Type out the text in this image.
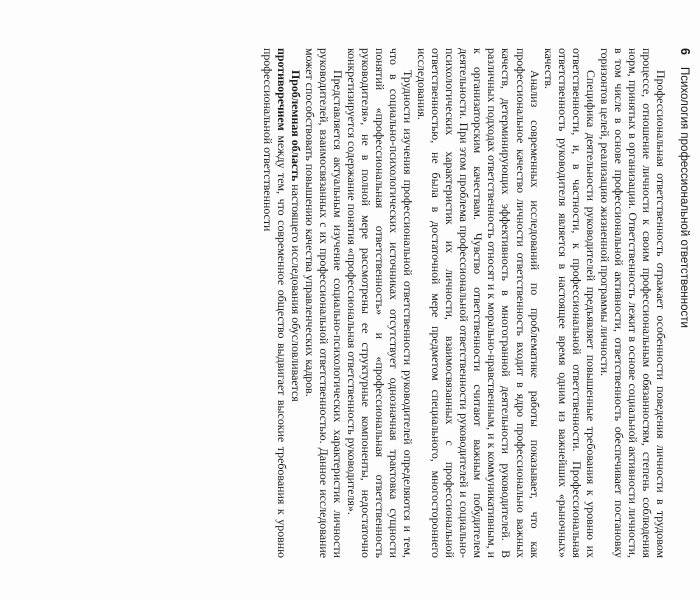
6
Психология профессиональной ответственности

Профессиональная ответственность отражает особенности поведения личности в трудовом процессе, отношение личности к своим профессиональным обязанностям, степень соблюдения норм, принятых в организации. Ответственность лежит в основе социальной активности личности, в том числе в основе профессиональной активности, ответственность обеспечивает постановку горизонтов целей, реализацию жизненной программы личности.

Специфика деятельности руководителей предъявляет повышенные требования к уровню их ответственности, и, в частности, к профессиональной ответственности. Профессиональная ответственность руководителя является в настоящее время одним из важнейших «рыночных» качеств.

Анализ современных исследований по проблематике работы показывает, что как профессиональное качество личности ответственность входит в ядро профессионально важных качеств, детерминирующих эффективность в многогранной деятельности руководителей. В различных подходах ответственность относят и к морально-нравственным, и к коммуникативным, и к организаторским качествам. Чувство ответственности считают важным побудителем деятельности. При этом проблема профессиональной ответственности руководителей и социально-психологических характеристик их личности, взаимосвязанных с профессиональной ответственностью, не была в достаточной мере предметом специального, многостороннего исследования.

Трудности изучения профессиональной ответственности руководителей определяются и тем, что в социально-психологических источниках отсутствует однозначная трактовка сущности понятий «профессиональная ответственность» и «профессиональная ответственность руководителя», не в полной мере рассмотрены ее структурные компоненты, недостаточно конкретизируется содержание понятия «профессиональная ответственность руководителя».

Представляется актуальным изучение социально-психологических характеристик личности руководителей, взаимосвязанных с их профессиональной ответственностью. Данное исследование может способствовать повышению качества управленческих кадров.

Проблемная область настоящего исследования обусловливается

противоречием между тем, что современное общество выдвигает высокие требования к уровню профессиональной ответственности
